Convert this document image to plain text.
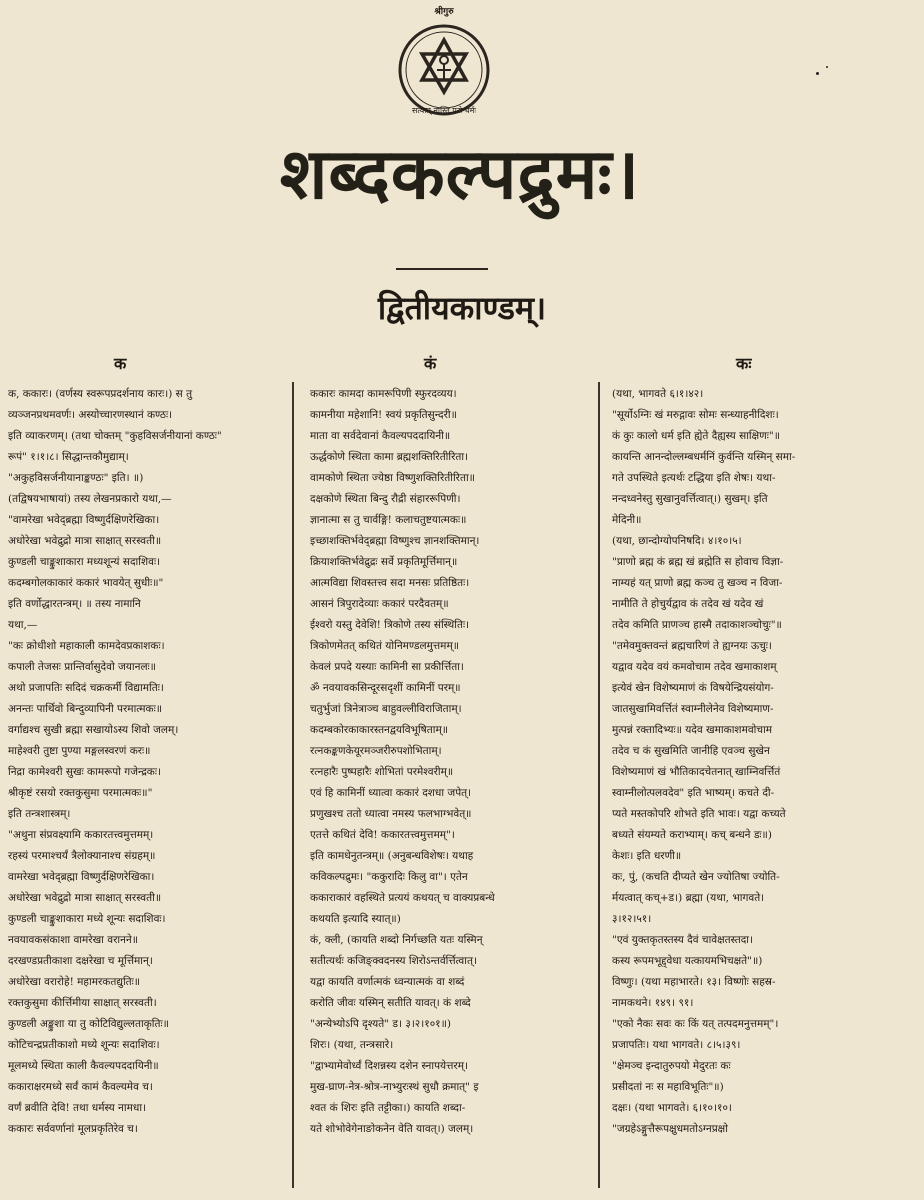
श्रीगुरु
सत्यात् नास्ति परो धर्मः
शब्दकल्पद्रुमः।
द्वितीयकाण्डम्।
क	कं	कः
क, ककारः। (वर्णस्य स्वरूपप्रदर्शनाय कारः।) स तु
व्यञ्जनप्रथमवर्णः। अस्योच्चारणस्थानं कण्ठः।
इति व्याकरणम्। (तथा चोक्तम् "कुहविसर्जनीयानां कण्ठः"
रूपं" १।१।८। सिद्धान्तकौमुद्याम्।
"अकुहविसर्जनीयानाङ्कण्ठः" इति। ॥)
(तद्विषयभाषायां) तस्य लेखनप्रकारो यथा,—
"वामरेखा भवेद्ब्रह्मा विष्णुर्दक्षिणरेखिका।
अधोरेखा भवेद्रुद्रो मात्रा साक्षात् सरस्वती॥
कुण्डली चाङ्कुशाकारा मध्यशून्यं सदाशिवः।
कदम्बगोलकाकारं ककारं भावयेत् सुधीः॥"
इति वर्णोद्धारतन्त्रम्। ॥ तस्य नामानि
यथा,—
"कः क्रोधीशो महाकाली कामदेवप्रकाशकः।
कपाली तेजसः प्रान्तिर्वासुदेवो जयानलः॥
अथो प्रजापतिः सदिदं चक्रकर्मी विद्यामतिः।
अनन्तः पार्थिवो बिन्दुव्यापिनी परमात्मकः॥
वर्गाद्यश्च सुखी ब्रह्मा सखायोऽस्य शिवो जलम्।
माहेश्वरी तुष्टा पुण्या मङ्गलस्वरणं करः॥
निद्रा कामेश्वरी सुखः कामरूपो गजेन्द्रकः।
श्रीकृष्टं रसयो रक्तकुसुमा परमात्मकः॥"
इति तन्त्रशास्त्रम्।
"अथुना संप्रवक्ष्यामि ककारतत्त्वमुत्तमम्।
रहस्यं परमाश्चर्यं त्रैलोक्यानाश्च संग्रहम्॥
वामरेखा भवेद्ब्रह्मा विष्णुर्दक्षिणरेखिका।
अधोरेखा भवेद्रुद्रो मात्रा साक्षात् सरस्वती॥
कुण्डली चाङ्कुशाकारा मध्ये शून्यः सदाशिवः।
नवयावकसंकाशा वामरेखा वरानने॥
दरखण्डप्रतीकाशा दक्षरेखा च मूर्त्तिमान्।
अधोरेखा वरारोहे! महामरकतद्युतिः॥
रक्तकुसुमा कीर्त्तिमीया साक्षात् सरस्वती।
कुण्डली अङ्कुशा या तु कोटिविद्युल्लताकृतिः॥
कोटिचन्द्रप्रतीकाशो मध्ये शून्यः सदाशिवः।
मूलमध्ये स्थिता काली कैवल्यपददायिनी॥
ककाराक्षरमध्ये सर्वं कामं कैवल्यमेव च।
वर्णं ब्रवीति देवि! तथा धर्मस्य नामधा।
ककारः सर्ववर्णानां मूलप्रकृतिरेव च।
ककारः कामदा कामरूपिणी स्फुरदव्यय।
कामनीया महेशानि! स्वयं प्रकृतिसुन्दरी॥
माता वा सर्वदेवानां कैवल्यपददायिनी॥
ऊर्द्धकोणे स्थिता कामा ब्रह्मशक्तिरितीरिता।
वामकोणे स्थिता ज्येष्ठा विष्णुशक्तिरितीरिता॥
दक्षकोणे स्थिता बिन्दु रौद्री संहाररूपिणी।
ज्ञानात्मा स तु चार्वङ्गि! कलाचतुष्टयात्मकः॥
इच्छाशक्तिर्भवेद्ब्रह्मा विष्णुश्च ज्ञानशक्तिमान्।
क्रियाशक्तिर्भवेद्रुद्रः सर्वे प्रकृतिमूर्त्तिमान्॥
आत्मविद्या शिवस्तत्त्व सदा मनसः प्रतिष्ठितः।
आसनं त्रिपुरादेव्याः ककारं परदैवतम्॥
ईश्वरो यस्तु देवेशि! त्रिकोणे तस्य संस्थितिः।
त्रिकोणमेतत् कथितं योनिमण्डलमुत्तमम्॥
केवलं प्रपदे यस्याः कामिनी सा प्रकीर्त्तिता।
ॐ नवयावकसिन्दूरसदृशीं कामिनीं परम्॥
चतुर्भुजां त्रिनेत्राञ्च बाहुवल्लीविराजिताम्।
कदम्बकोरकाकारस्तनद्वयविभूषिताम्॥
रत्नकङ्कणकेयूरमञ्जरीरुपशोभिताम्।
रत्नहारैः पुष्पहारैः शोभितां परमेश्वरीम्॥
एवं हि कामिनीं ध्यात्वा ककारं दशधा जपेत्।
प्रणुखश्च ततो ध्यात्वा नमस्य फलभाग्भवेत्॥
एतत्ते कथितं देवि! ककारतत्त्वमुत्तमम्"।
इति कामधेनुतन्त्रम्॥ (अनुबन्धविशेषः। यथाह
कविकल्पद्रुमः। "ककुरादिः किलु वा"। एतेन
ककाराकारं वहस्थिते प्रत्ययं कथयत् च वाक्यप्रबन्धे
कथयति इत्यादि स्यात्॥)
कं, क्ली, (कायति शब्दो निर्गच्छति यतः यस्मिन्
सतीत्यर्थः कजिङ्क्वदनस्य शिरोऽन्तर्वर्त्तित्वात्।
यद्वा कायति वर्णात्मकं ध्वन्यात्मकं वा शब्दं
करोति जीवः यस्मिन् सतीति यावत्। कं शब्दे
"अन्येभ्योऽपि दृश्यते" ड। ३।२।१०१॥)
शिरः। (यथा, तन्त्रसारे।
"द्वाभ्यामेवोर्ध्वं दिशन्नस्य दशेन स्नापयेत्तरम्।
मुख-घ्राण-नेत्र-श्रोत्र-नाभ्युरःस्थं सुधौ क्रमात्" इ
श्वत कं शिरः इति तट्टीका।) कायति शब्दा-
यते शोभोवेगेनाङोकनेन वेति यावत्।) जलम्।
(यथा, भागवते ६।१।४२।
"सूर्योऽग्निः खं मरुद्गावः सोमः सन्ध्याहनीदिशः।
कं कुः कालो धर्म इति ह्येते दैह्यस्य साक्षिणः"॥
कायन्ति आनन्दोल्लम्बधर्मनिं कुर्वन्ति यस्मिन् समा-
गते उपस्थिते इत्यर्थः टद्धिया इति शेषः। यथा-
नन्दध्वनेस्तु सुखानुवर्त्तित्वात्।) सुखम्। इति
मेदिनी॥
(यथा, छान्दोग्योपनिषदि। ४।१०।५।
"प्राणो ब्रह्म कं ब्रह्म खं ब्रह्मेति स होवाच विज्ञा-
नाम्यहं यत् प्राणो ब्रह्म कञ्च तु खञ्च न विजा-
नामीति ते होचुर्यद्वाव कं तदेव खं यदेव खं
तदेव कमिति प्राणञ्च हास्मै तदाकाशञ्चोचुः"॥
"तमेवमुक्तवन्तं ब्रह्मचारिणं ते ह्यग्नयः ऊचुः।
यद्वाव यदेव वयं कमवोचाम तदेव खमाकाशम्
इत्येवं खेन विशेष्यमाणं कं विषयेन्द्रियसंयोग-
जातसुखामिवर्त्तितं स्वाम्नीलेनेव विशेष्यमाण-
मुत्पन्नं रक्तादिभ्यः॥ यदेव खमाकाशमवोचाम
तदेव च कं सुखमिति जानीहि एवञ्च सुखेन
विशेष्यमाणं खं भौतिकादचेतनात् खाम्निवर्त्तितं
स्वाम्नीलोत्पलवदेव" इति भाष्यम्। कचते दी-
प्यते मस्तकोपरि शोभते इति भावः। यद्वा कच्यते
बध्यते संयम्यते कराभ्याम्। कच् बन्धने डः॥)
केशः। इति धरणी॥
कः, पुं, (कचति दीप्यते खेन ज्योतिषा ज्योति-
र्मयत्वात् कच्+ड।) ब्रह्मा (यथा, भागवते।
३।१२।५१।
"एवं युक्तकृतस्तस्य दैवं चावेक्षतस्तदा।
कस्य रूपमभूद्द्वेधा यत्कायमभिचक्षते"॥)
विष्णुः। (यथा महाभारते। १३। विष्णोः सहस्र-
नामकथने। १४९। ९१।
"एको नैकः सवः कः किं यत् तत्पदमनुत्तमम्"।
प्रजापतिः। यथा भागवते। ८।५।३९।
"क्षेमञ्च इन्दातुरुपयो मेदुरतः कः
प्रसीदतां नः स महाविभूतिः"॥)
दक्षः। (यथा भागवते। ६।१०।१०।
"जग्रहेऽङ्गुत्तैरूपक्षुधमतोऽग्नप्रक्षो
